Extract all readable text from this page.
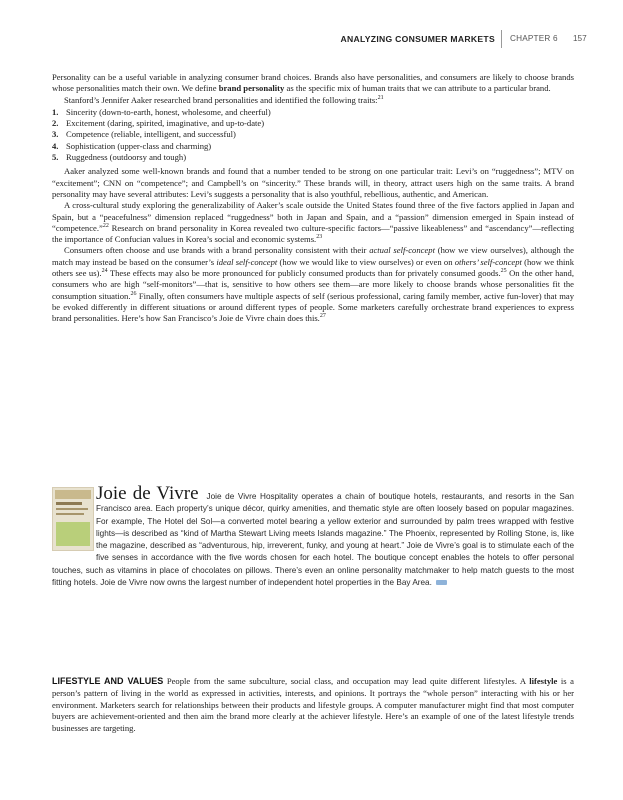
ANALYZING CONSUMER MARKETS CHAPTER 6 157

Personality can be a useful variable in analyzing consumer brand choices. Brands also have personalities, and consumers are likely to choose brands whose personalities match their own. We define brand personality as the specific mix of human traits that we can attribute to a particular brand.

Stanford’s Jennifer Aaker researched brand personalities and identified the following traits:$^{21}$

1. Sincerity (down-to-earth, honest, wholesome, and cheerful)
2. Excitement (daring, spirited, imaginative, and up-to-date)
3. Competence (reliable, intelligent, and successful)
4. Sophistication (upper-class and charming)
5. Ruggedness (outdoorsy and tough)

Aaker analyzed some well-known brands and found that a number tended to be strong on one particular trait: Levi’s on “ruggedness”; MTV on “excitement”; CNN on “competence”; and Campbell’s on “sincerity.” These brands will, in theory, attract users high on the same traits. A brand personality may have several attributes: Levi’s suggests a personality that is also youthful, rebellious, authentic, and American.

A cross-cultural study exploring the generalizability of Aaker’s scale outside the United States found three of the five factors applied in Japan and Spain, but a “peacefulness” dimension replaced “ruggedness” both in Japan and Spain, and a “passion” dimension emerged in Spain instead of “competence.”$^{22}$ Research on brand personality in Korea revealed two culture-specific factors—“passive likeableness” and “ascendancy”—reflecting the importance of Confucian values in Korea’s social and economic systems.$^{23}$

Consumers often choose and use brands with a brand personality consistent with their actual self-concept (how we view ourselves), although the match may instead be based on the consumer’s ideal self-concept (how we would like to view ourselves) or even on others’ self-concept (how we think others see us).$^{24}$ These effects may also be more pronounced for publicly consumed products than for privately consumed goods.$^{25}$ On the other hand, consumers who are high “self-monitors”—that is, sensitive to how others see them—are more likely to choose brands whose personalities fit the consumption situation.$^{26}$ Finally, often consumers have multiple aspects of self (serious professional, caring family member, active fun-lover) that may be evoked differently in different situations or around different types of people. Some marketers carefully orchestrate brand experiences to express brand personalities. Here’s how San Francisco’s Joie de Vivre chain does this.$^{27}$

Joie de Vivre Joie de Vivre Hospitality operates a chain of boutique hotels, restaurants, and resorts in the San Francisco area. Each property’s unique décor, quirky amenities, and thematic style are often loosely based on popular magazines. For example, The Hotel del Sol—a converted motel bearing a yellow exterior and surrounded by palm trees wrapped with festive lights—is described as “kind of Martha Stewart Living meets Islands magazine.” The Phoenix, represented by Rolling Stone, is, like the magazine, described as “adventurous, hip, irreverent, funky, and young at heart.” Joie de Vivre’s goal is to stimulate each of the five senses in accordance with the five words chosen for each hotel. The boutique concept enables the hotels to offer personal touches, such as vitamins in place of chocolates on pillows. There’s even an online personality matchmaker to help match guests to the most fitting hotels. Joie de Vivre now owns the largest number of independent hotel properties in the Bay Area.
LIFESTYLE AND VALUES People from the same subculture, social class, and occupation may lead quite different lifestyles. A lifestyle is a person’s pattern of living in the world as expressed in activities, interests, and opinions. It portrays the “whole person” interacting with his or her environment. Marketers search for relationships between their products and lifestyle groups. A computer manufacturer might find that most computer buyers are achievement-oriented and then aim the brand more clearly at the achiever lifestyle. Here’s an example of one of the latest lifestyle trends businesses are targeting.
